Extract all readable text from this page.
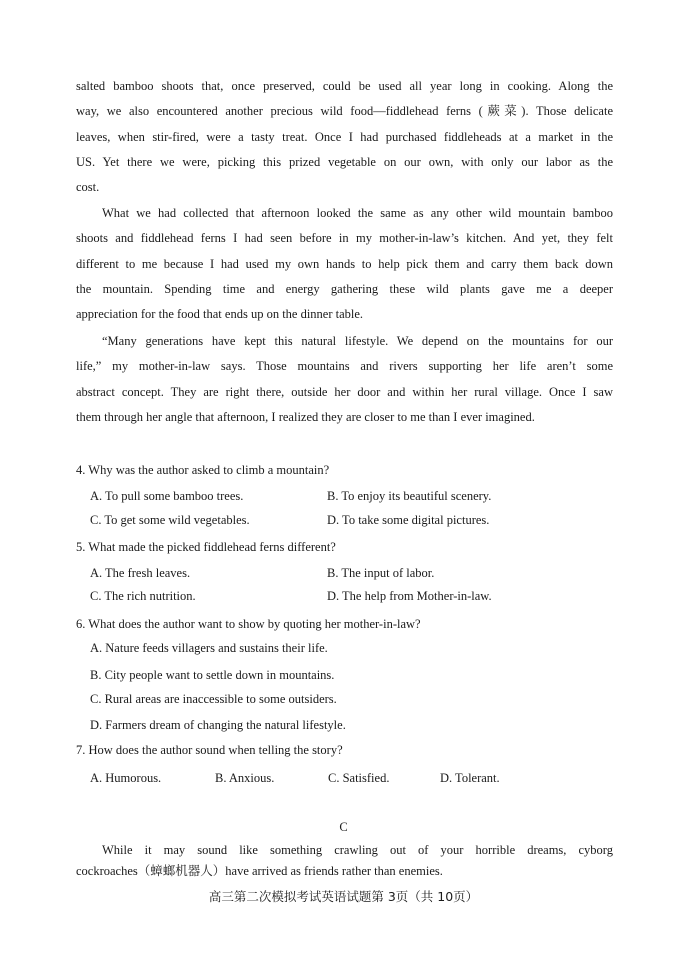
salted bamboo shoots that, once preserved, could be used all year long in cooking. Along the
way, we also encountered another precious wild food—fiddlehead ferns (蕨菜). Those delicate
leaves, when stir-fired, were a tasty treat. Once I had purchased fiddleheads at a market in the
US. Yet there we were, picking this prized vegetable on our own, with only our labor as the
cost.
What we had collected that afternoon looked the same as any other wild mountain bamboo
shoots and fiddlehead ferns I had seen before in my mother-in-law’s kitchen. And yet, they felt
different to me because I had used my own hands to help pick them and carry them back down
the mountain. Spending time and energy gathering these wild plants gave me a deeper
appreciation for the food that ends up on the dinner table.
“Many generations have kept this natural lifestyle. We depend on the mountains for our
life,” my mother-in-law says. Those mountains and rivers supporting her life aren’t some
abstract concept. They are right there, outside her door and within her rural village. Once I saw
them through her angle that afternoon, I realized they are closer to me than I ever imagined.

4. Why was the author asked to climb a mountain?

A. To pull some bamboo trees.	B. To enjoy its beautiful scenery.

C. To get some wild vegetables.	D. To take some digital pictures.

5. What made the picked fiddlehead ferns different?

A. The fresh leaves.	B. The input of labor.

C. The rich nutrition.	D. The help from Mother-in-law.

6. What does the author want to show by quoting her mother-in-law?

A. Nature feeds villagers and sustains their life.

B. City people want to settle down in mountains.

C. Rural areas are inaccessible to some outsiders.

D. Farmers dream of changing the natural lifestyle.

7. How does the author sound when telling the story?

A. Humorous.	B. Anxious.	C. Satisfied.	D. Tolerant.

C
While it may sound like something crawling out of your horrible dreams, cyborg
cockroaches（蟑螂机器人）have arrived as friends rather than enemies.
高三第二次模拟考试英语试题第 3页（共 10页）
